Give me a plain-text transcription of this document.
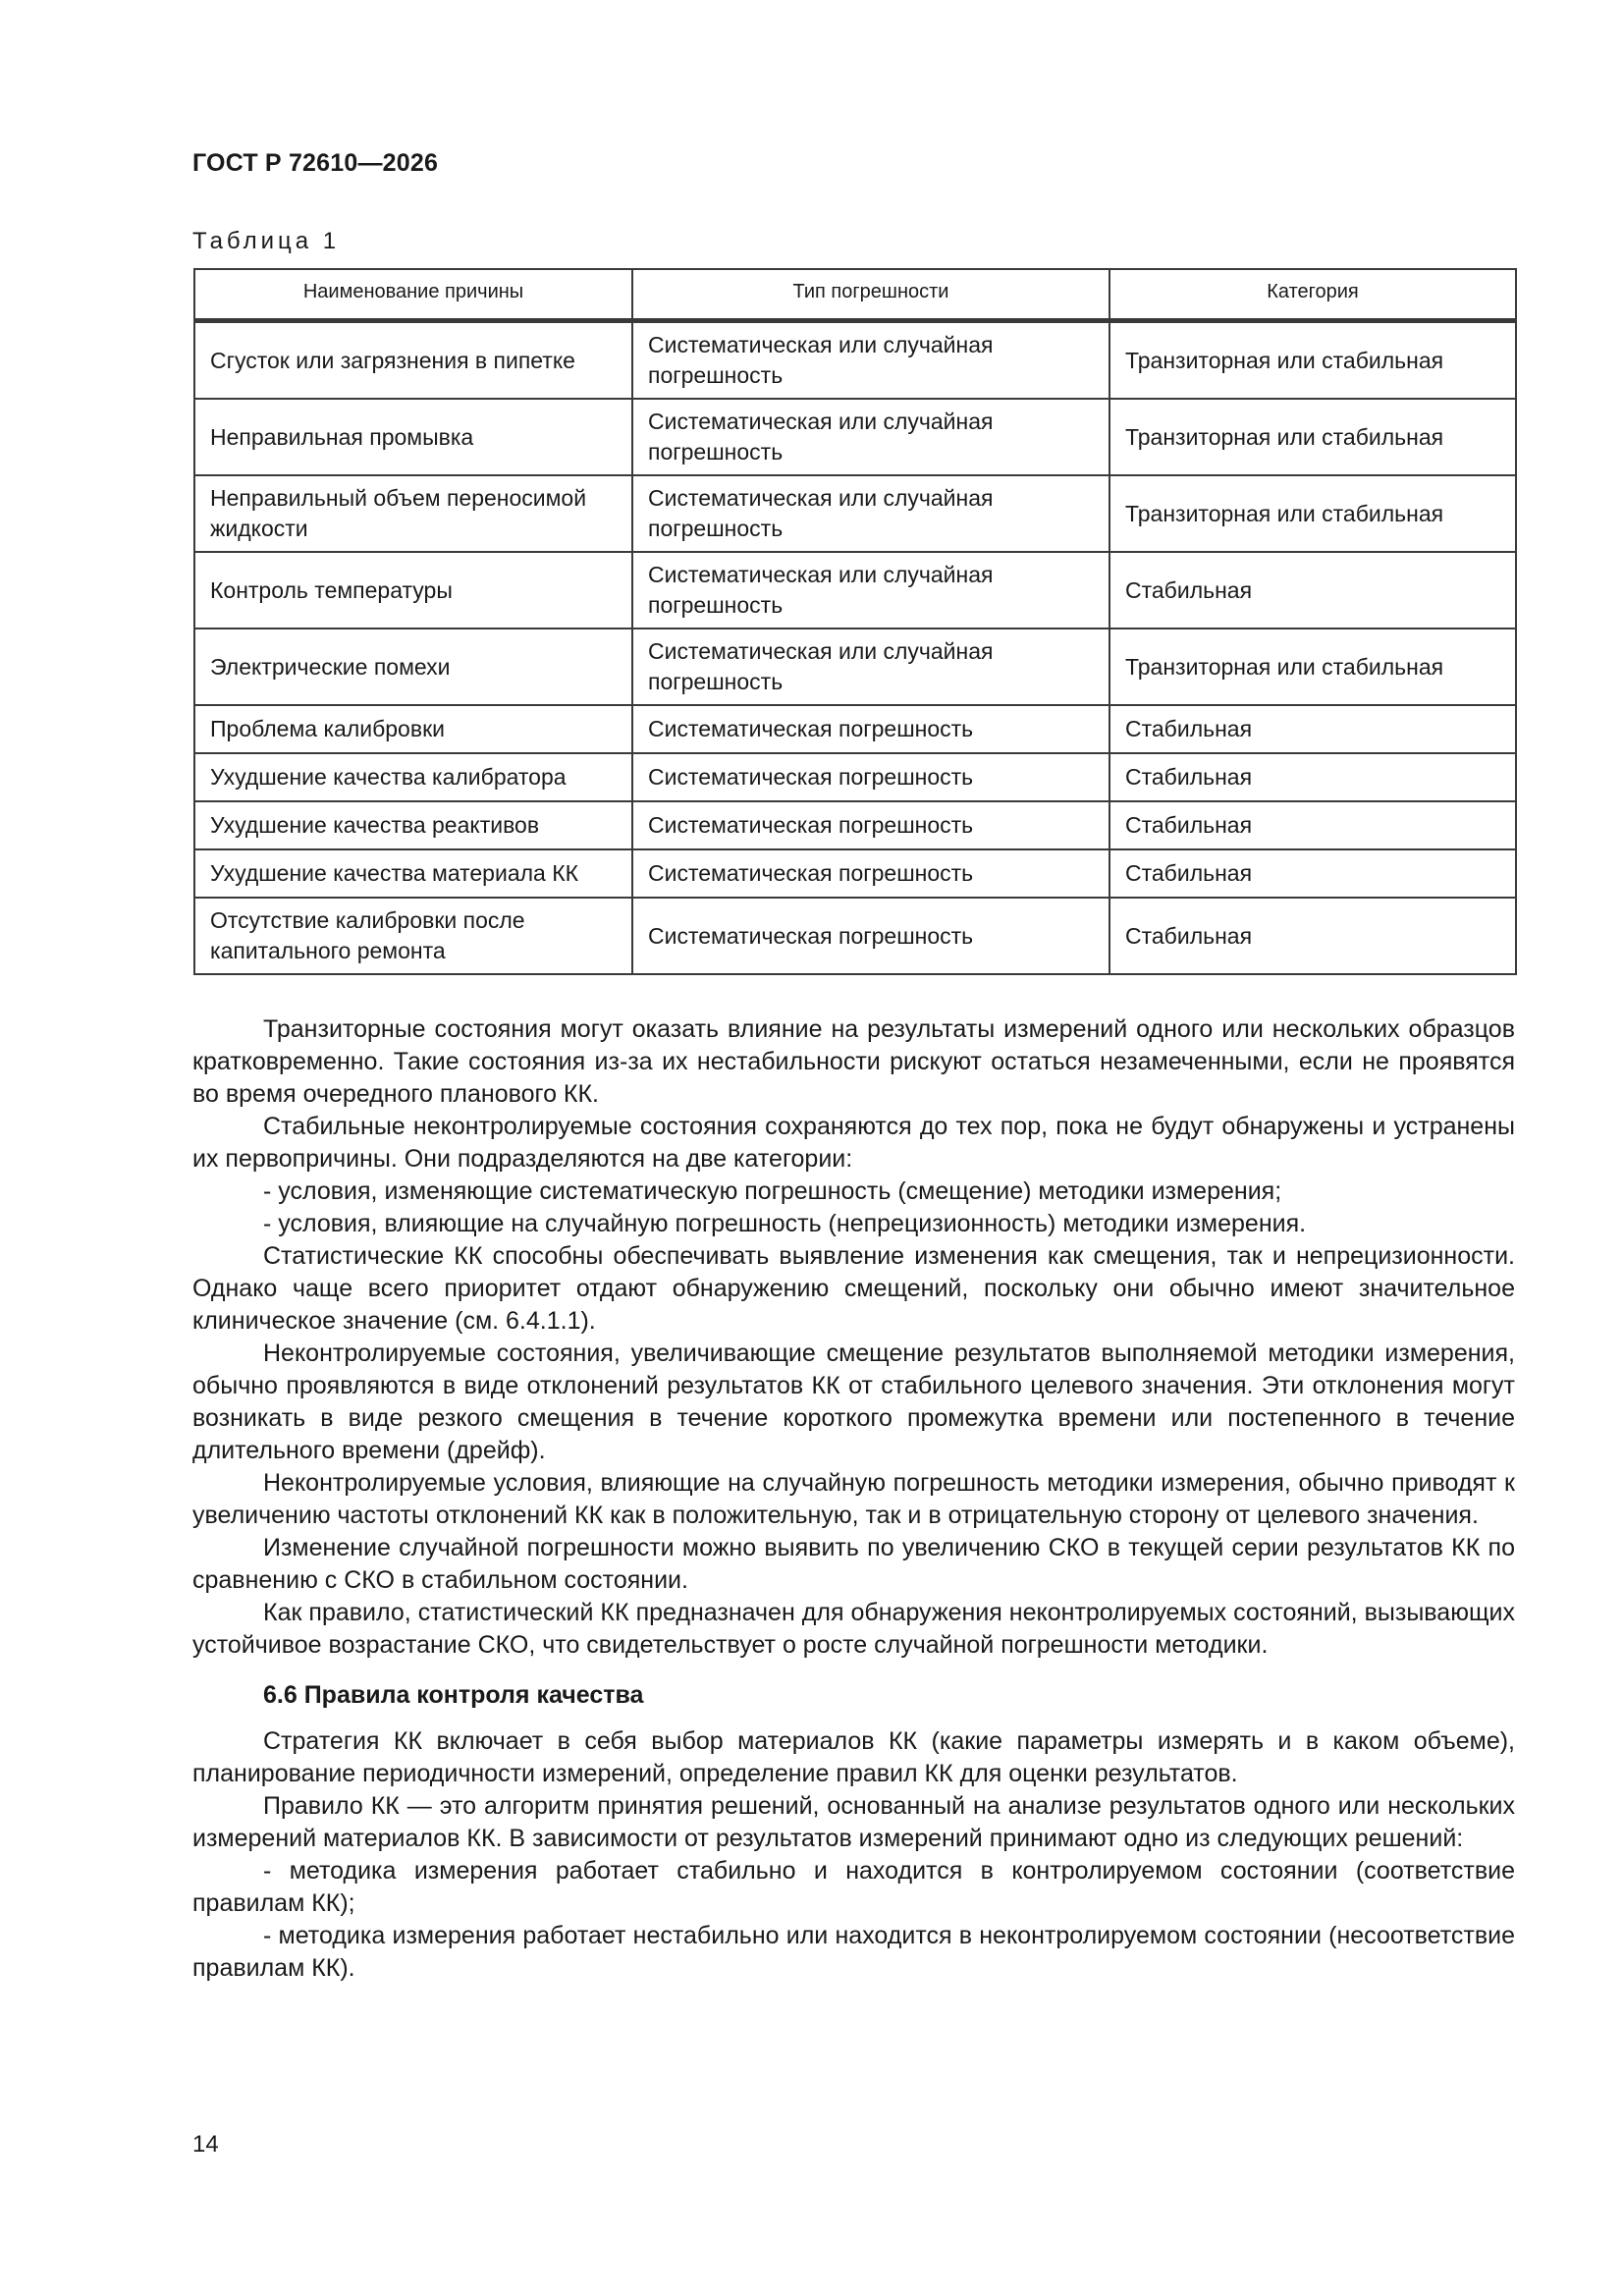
ГОСТ Р 72610—2026
Таблица 1
Наименование причины	Тип погрешности	Категория
Сгусток или загрязнения в пипетке	Систематическая или случайная погрешность	Транзиторная или стабильная
Неправильная промывка	Систематическая или случайная погрешность	Транзиторная или стабильная
Неправильный объем переносимой жидкости	Систематическая или случайная погрешность	Транзиторная или стабильная
Контроль температуры	Систематическая или случайная погрешность	Стабильная
Электрические помехи	Систематическая или случайная погрешность	Транзиторная или стабильная
Проблема калибровки	Систематическая погрешность	Стабильная
Ухудшение качества калибратора	Систематическая погрешность	Стабильная
Ухудшение качества реактивов	Систематическая погрешность	Стабильная
Ухудшение качества материала КК	Систематическая погрешность	Стабильная
Отсутствие калибровки после капитального ремонта	Систематическая погрешность	Стабильная

Транзиторные состояния могут оказать влияние на результаты измерений одного или нескольких образцов кратковременно. Такие состояния из-за их нестабильности рискуют остаться незамеченными, если не проявятся во время очередного планового КК.

Стабильные неконтролируемые состояния сохраняются до тех пор, пока не будут обнаружены и устранены их первопричины. Они подразделяются на две категории:

- условия, изменяющие систематическую погрешность (смещение) методики измерения;

- условия, влияющие на случайную погрешность (непрецизионность) методики измерения.

Статистические КК способны обеспечивать выявление изменения как смещения, так и непрецизионности. Однако чаще всего приоритет отдают обнаружению смещений, поскольку они обычно имеют значительное клиническое значение (см. 6.4.1.1).

Неконтролируемые состояния, увеличивающие смещение результатов выполняемой методики измерения, обычно проявляются в виде отклонений результатов КК от стабильного целевого значения. Эти отклонения могут возникать в виде резкого смещения в течение короткого промежутка времени или постепенного в течение длительного времени (дрейф).

Неконтролируемые условия, влияющие на случайную погрешность методики измерения, обычно приводят к увеличению частоты отклонений КК как в положительную, так и в отрицательную сторону от целевого значения.

Изменение случайной погрешности можно выявить по увеличению СКО в текущей серии результатов КК по сравнению с СКО в стабильном состоянии.

Как правило, статистический КК предназначен для обнаружения неконтролируемых состояний, вызывающих устойчивое возрастание СКО, что свидетельствует о росте случайной погрешности методики.

6.6 Правила контроля качества

Стратегия КК включает в себя выбор материалов КК (какие параметры измерять и в каком объеме), планирование периодичности измерений, определение правил КК для оценки результатов.

Правило КК — это алгоритм принятия решений, основанный на анализе результатов одного или нескольких измерений материалов КК. В зависимости от результатов измерений принимают одно из следующих решений:

- методика измерения работает стабильно и находится в контролируемом состоянии (соответствие правилам КК);

- методика измерения работает нестабильно или находится в неконтролируемом состоянии (несоответствие правилам КК).

14
